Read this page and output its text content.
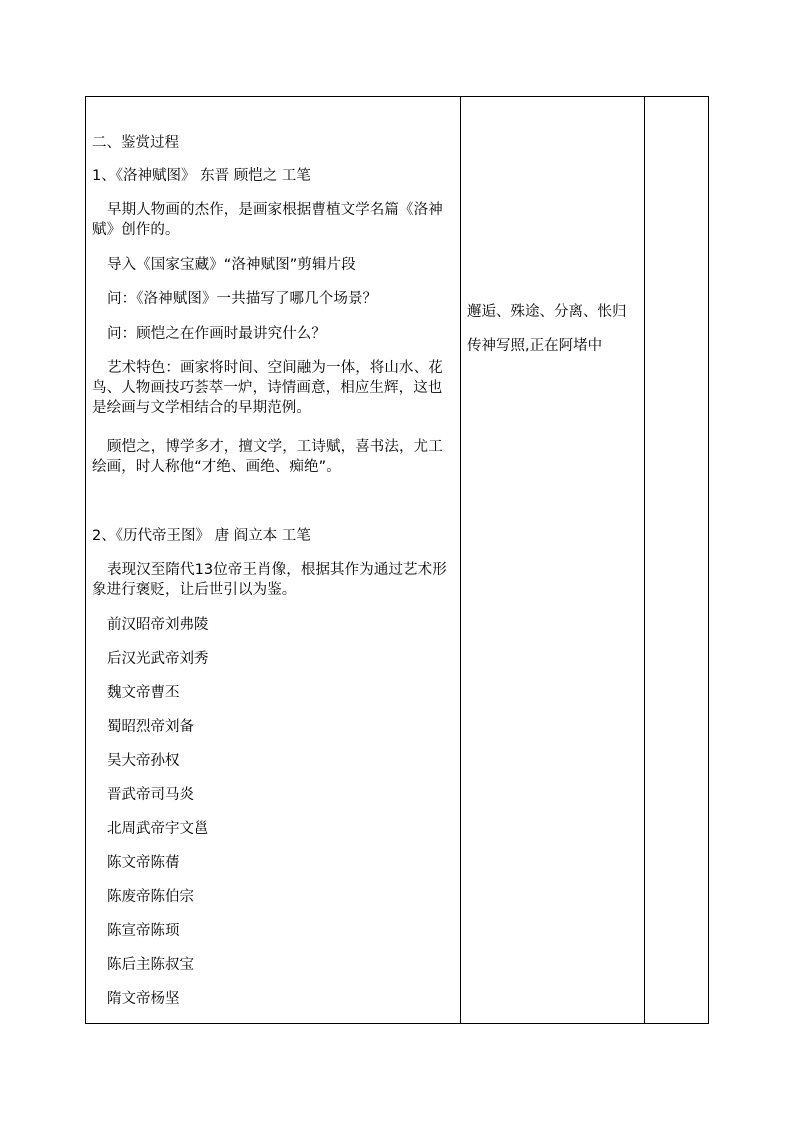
二、鉴赏过程
1、《洛神赋图》 东晋 顾恺之 工笔
早期人物画的杰作，是画家根据曹植文学名篇《洛神赋》创作的。
导入《国家宝藏》“洛神赋图”剪辑片段
问：《洛神赋图》一共描写了哪几个场景？
问：顾恺之在作画时最讲究什么？
艺术特色：画家将时间、空间融为一体，将山水、花鸟、人物画技巧荟萃一炉，诗情画意，相应生辉，这也是绘画与文学相结合的早期范例。
顾恺之，博学多才，擅文学，工诗赋，喜书法，尤工绘画，时人称他“才绝、画绝、痴绝”。
2、《历代帝王图》 唐 阎立本 工笔
表现汉至隋代13位帝王肖像，根据其作为通过艺术形象进行褒贬，让后世引以为鉴。
前汉昭帝刘弗陵
后汉光武帝刘秀
魏文帝曹丕
蜀昭烈帝刘备
吴大帝孙权
晋武帝司马炎
北周武帝宇文邕
陈文帝陈蒨
陈废帝陈伯宗
陈宣帝陈顼
陈后主陈叔宝
隋文帝杨坚
邂逅、殊途、分离、怅归
传神写照,正在阿堵中
